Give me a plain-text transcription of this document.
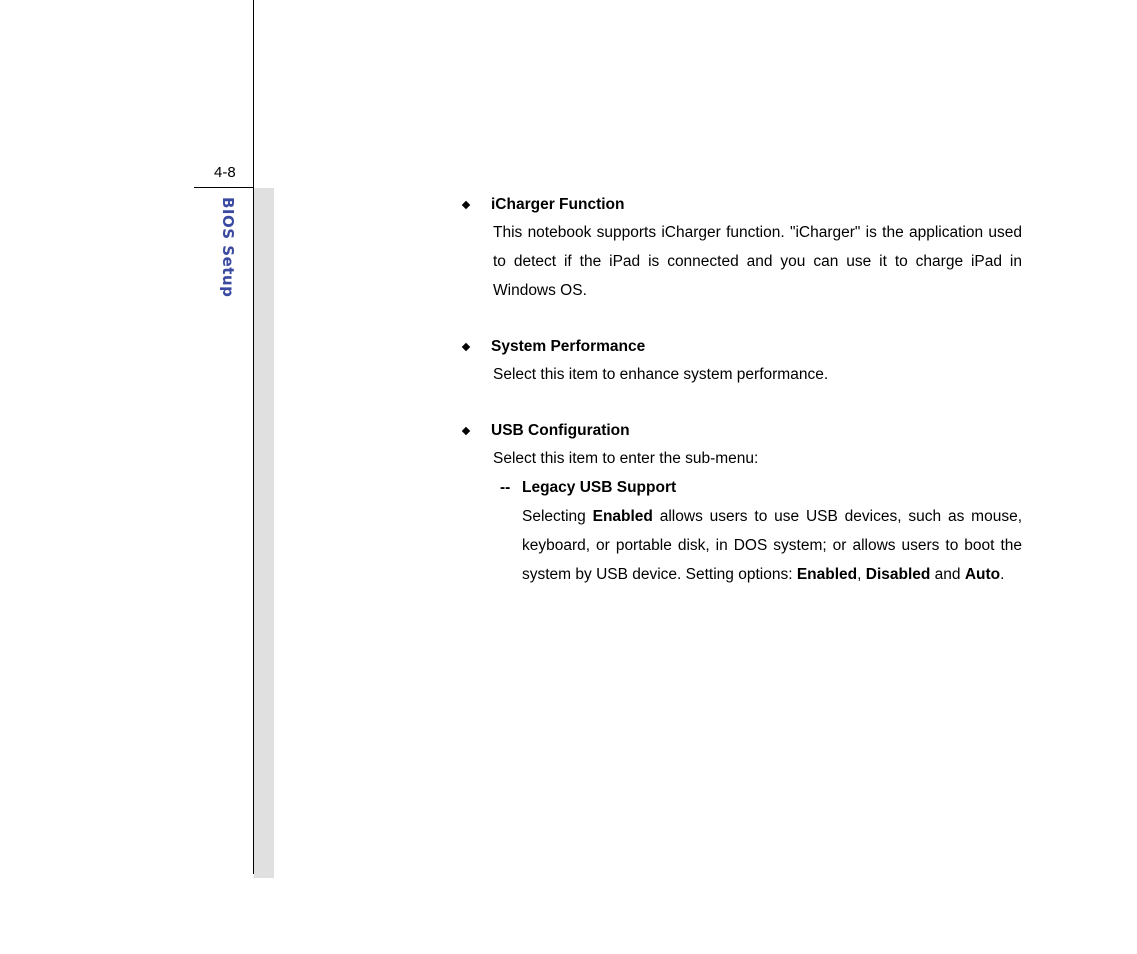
4-8
BIOS Setup	iCharger Function
This notebook supports iCharger function. "iCharger" is the application used to detect if the iPad is connected and you can use it to charge iPad in Windows OS.
System Performance
Select this item to enhance system performance.
USB Configuration
Select this item to enter the sub-menu:
-- Legacy USB Support
Selecting Enabled allows users to use USB devices, such as mouse, keyboard, or portable disk, in DOS system; or allows users to boot the system by USB device. Setting options: Enabled, Disabled and Auto.
